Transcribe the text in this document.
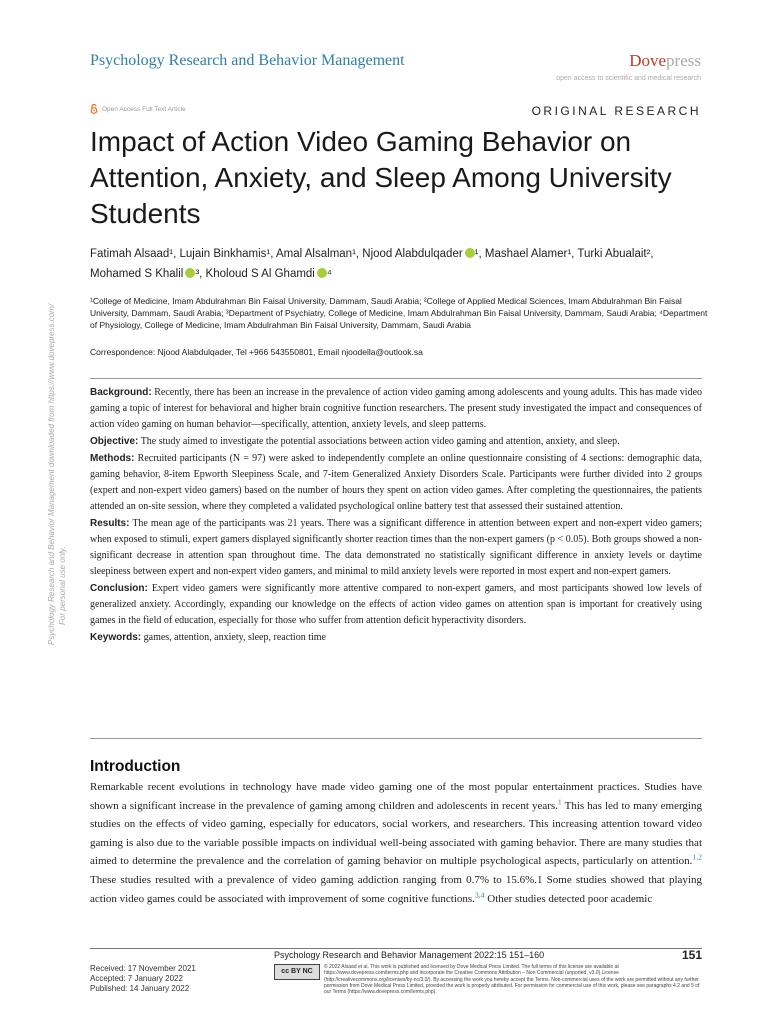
Psychology Research and Behavior Management	Dovepress
open access to scientific and medical research
Open Access Full Text Article	ORIGINAL RESEARCH
Impact of Action Video Gaming Behavior on Attention, Anxiety, and Sleep Among University Students
Fatimah Alsaad¹, Lujain Binkhamis¹, Amal Alsalman¹, Njood Alabdulqader ¹, Mashael Alamer¹, Turki Abualait²,
Mohamed S Khalil ³, Kholoud S Al Ghamdi ⁴
¹College of Medicine, Imam Abdulrahman Bin Faisal University, Dammam, Saudi Arabia; ²College of Applied Medical Sciences, Imam Abdulrahman Bin Faisal University, Dammam, Saudi Arabia; ³Department of Psychiatry, College of Medicine, Imam Abdulrahman Bin Faisal University, Dammam, Saudi Arabia; ⁴Department of Physiology, College of Medicine, Imam Abdulrahman Bin Faisal University, Dammam, Saudi Arabia
Correspondence: Njood Alabdulqader, Tel +966 543550801, Email njoodella@outlook.sa
Psychology Research and Behavior Management downloaded from https://www.dovepress.com/ For personal use only.

Background: Recently, there has been an increase in the prevalence of action video gaming among adolescents and young adults. This has made video gaming a topic of interest for behavioral and higher brain cognitive function researchers. The present study investigated the impact and consequences of action video gaming on human behavior—specifically, attention, anxiety levels, and sleep patterns.

Objective: The study aimed to investigate the potential associations between action video gaming and attention, anxiety, and sleep.

Methods: Recruited participants (N = 97) were asked to independently complete an online questionnaire consisting of 4 sections: demographic data, gaming behavior, 8-item Epworth Sleepiness Scale, and 7-item Generalized Anxiety Disorders Scale. Participants were further divided into 2 groups (expert and non-expert video gamers) based on the number of hours they spent on action video games. After completing the questionnaires, the patients attended an on-site session, where they completed a validated psychological online battery test that assessed their sustained attention.

Results: The mean age of the participants was 21 years. There was a significant difference in attention between expert and non-expert video gamers; when exposed to stimuli, expert gamers displayed significantly shorter reaction times than the non-expert gamers (p < 0.05). Both groups showed a non-significant decrease in attention span throughout time. The data demonstrated no statistically significant difference in anxiety levels or daytime sleepiness between expert and non-expert video gamers, and minimal to mild anxiety levels were reported in most expert and non-expert gamers.

Conclusion: Expert video gamers were significantly more attentive compared to non-expert gamers, and most participants showed low levels of generalized anxiety. Accordingly, expanding our knowledge on the effects of action video games on attention span is important for creatively using games in the field of education, especially for those who suffer from attention deficit hyperactivity disorders.

Keywords: games, attention, anxiety, sleep, reaction time

Introduction

Remarkable recent evolutions in technology have made video gaming one of the most popular entertainment practices. Studies have shown a significant increase in the prevalence of gaming among children and adolescents in recent years.$^1$ This has led to many emerging studies on the effects of video gaming, especially for educators, social workers, and researchers. This increasing attention toward video gaming is also due to the variable possible impacts on individual well-being associated with gaming behavior. There are many studies that aimed to determine the prevalence and the correlation of gaming behavior on multiple psychological aspects, particularly on attention.$^{1,2}$ These studies resulted with a prevalence of video gaming addiction ranging from 0.7% to 15.6%.1 Some studies showed that playing action video games could be associated with improvement of some cognitive functions.$^{3,4}$ Other studies detected poor academic

Received: 17 November 2021
Accepted: 7 January 2022
Published: 14 January 2022
Psychology Research and Behavior Management 2022:15 151–160	151
cc BY NC
© 2022 Alsaad et al. This work is published and licensed by Dove Medical Press Limited. The full terms of this license are available at https://www.dovepress.com/terms.php and incorporate the Creative Commons Attribution – Non Commercial (unported, v3.0) License (http://creativecommons.org/licenses/by-nc/3.0/). By accessing the work you hereby accept the Terms. Non-commercial uses of the work are permitted without any further permission from Dove Medical Press Limited, provided the work is properly attributed. For permission for commercial use of this work, please see paragraphs 4.2 and 5 of our Terms (https://www.dovepress.com/terms.php).
